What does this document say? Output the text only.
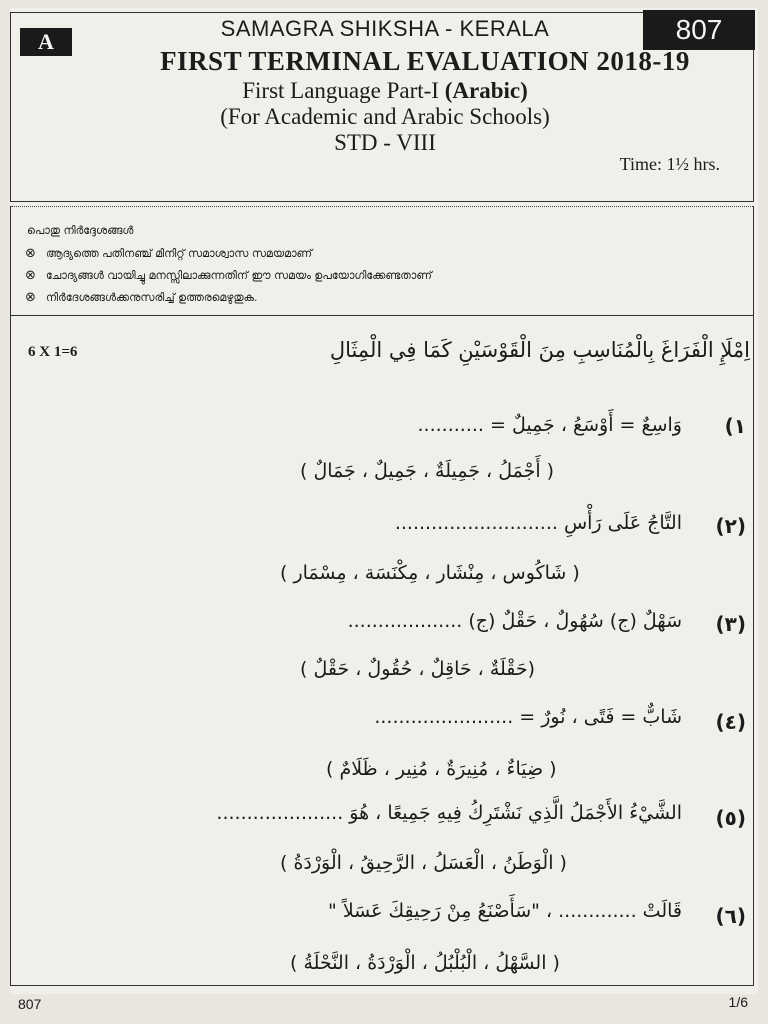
A	807
SAMAGRA SHIKSHA - KERALA
FIRST TERMINAL EVALUATION 2018-19
First Language Part-I (Arabic)
(For Academic and Arabic Schools)
STD - VIII
Time: 1½ hrs.
പൊതു നിർദ്ദേശങ്ങൾ
⊗ ആദ്യത്തെ പതിനഞ്ച് മിനിറ്റ് സമാശ്വാസ സമയമാണ്
⊗ ചോദ്യങ്ങൾ വായിച്ചു മനസ്സിലാക്കുന്നതിന് ഈ സമയം ഉപയോഗിക്കേണ്ടതാണ്
⊗ നിർദേശങ്ങൾക്കനുസരിച്ച് ഉത്തരമെഴുതുക.
6 X 1=6	اِمْلَإِ الْفَرَاغَ بِالْمُنَاسِبِ مِنَ الْقَوْسَيْنِ كَمَا فِي الْمِثَالِ
(١
وَاسِعٌ = أَوْسَعُ ، جَمِيلٌ = ...........
( أَجْمَلُ ، جَمِيلَةٌ ، جَمِيلٌ ، جَمَالٌ )
(٢)
التَّاجُ عَلَى رَأْسِ ...........................
( شَاكُوس ، مِنْشَار ، مِكْنَسَة ، مِسْمَار )
(٣)
سَهْلٌ (ج) سُهُولٌ ، حَقْلٌ (ج) ...................
(حَقْلَةٌ ، حَاقِلٌ ، حُقُولٌ ، حَقْلٌ )
(٤)
شَابٌّ = فَتًى ، نُورٌ = .......................
( ضِيَاءٌ ، مُنِيرَةٌ ، مُنِير ، ظَلَامٌ )
(٥)
الشَّيْءُ الأَجْمَلُ الَّذِي نَشْتَرِكُ فِيهِ جَمِيعًا ، هُوَ .....................
( الْوَطَنُ ، الْعَسَلُ ، الرَّحِيقُ ، الْوَرْدَةُ )
(٦)
قَالَتْ ............. ، "سَأَصْنَعُ مِنْ رَحِيقِكَ عَسَلاً "
( السَّهْلُ ، الْبُلْبُلُ ، الْوَرْدَةُ ، النَّحْلَةُ )
807	1/6
